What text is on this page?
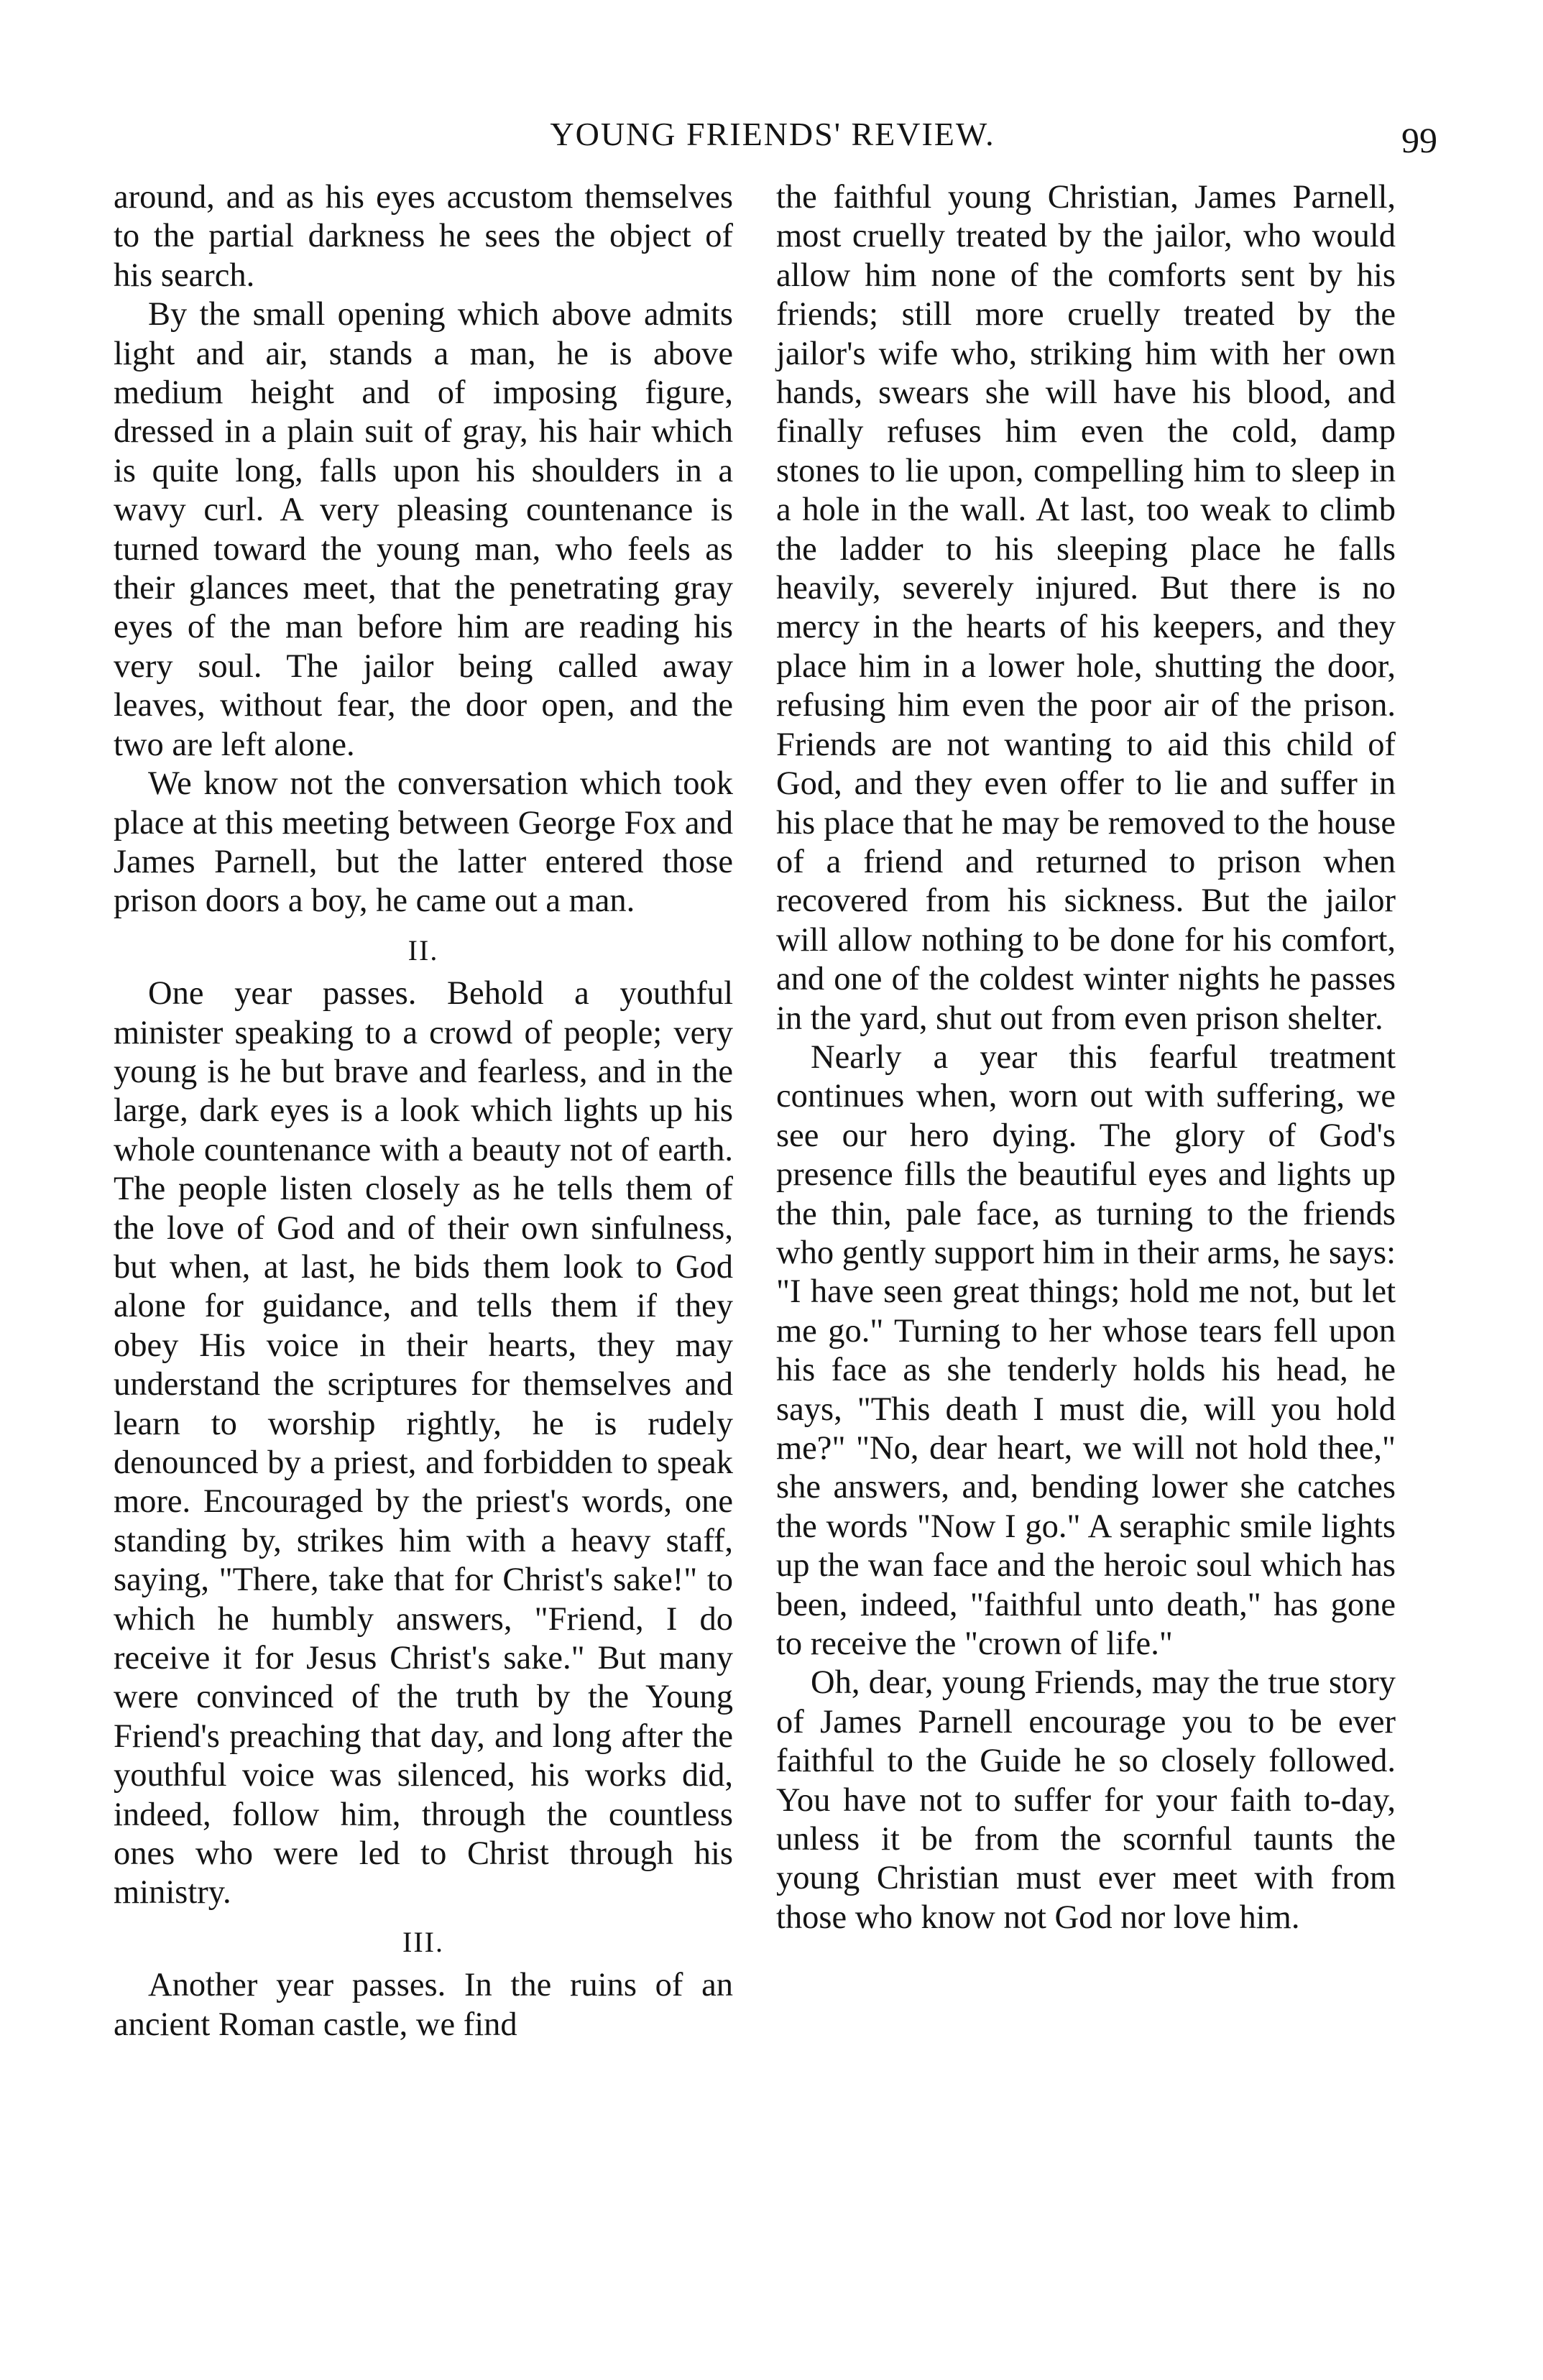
YOUNG FRIENDS' REVIEW.	99

around, and as his eyes accustom themselves to the partial darkness he sees the object of his search.

By the small opening which above admits light and air, stands a man, he is above medium height and of imposing figure, dressed in a plain suit of gray, his hair which is quite long, falls upon his shoulders in a wavy curl. A very pleasing countenance is turned toward the young man, who feels as their glances meet, that the penetrating gray eyes of the man before him are reading his very soul. The jailor being called away leaves, without fear, the door open, and the two are left alone.

We know not the conversation which took place at this meeting between George Fox and James Parnell, but the latter entered those prison doors a boy, he came out a man.

II.

One year passes. Behold a youthful minister speaking to a crowd of people; very young is he but brave and fearless, and in the large, dark eyes is a look which lights up his whole countenance with a beauty not of earth. The people listen closely as he tells them of the love of God and of their own sinfulness, but when, at last, he bids them look to God alone for guidance, and tells them if they obey His voice in their hearts, they may understand the scriptures for themselves and learn to worship rightly, he is rudely denounced by a priest, and forbidden to speak more. Encouraged by the priest's words, one standing by, strikes him with a heavy staff, saying, "There, take that for Christ's sake!" to which he humbly answers, "Friend, I do receive it for Jesus Christ's sake." But many were convinced of the truth by the Young Friend's preaching that day, and long after the youthful voice was silenced, his works did, indeed, follow him, through the countless ones who were led to Christ through his ministry.

III.

Another year passes. In the ruins of an ancient Roman castle, we find

the faithful young Christian, James Parnell, most cruelly treated by the jailor, who would allow him none of the comforts sent by his friends; still more cruelly treated by the jailor's wife who, striking him with her own hands, swears she will have his blood, and finally refuses him even the cold, damp stones to lie upon, compelling him to sleep in a hole in the wall. At last, too weak to climb the ladder to his sleeping place he falls heavily, severely injured. But there is no mercy in the hearts of his keepers, and they place him in a lower hole, shutting the door, refusing him even the poor air of the prison. Friends are not wanting to aid this child of God, and they even offer to lie and suffer in his place that he may be removed to the house of a friend and returned to prison when recovered from his sickness. But the jailor will allow nothing to be done for his comfort, and one of the coldest winter nights he passes in the yard, shut out from even prison shelter.

Nearly a year this fearful treatment continues when, worn out with suffering, we see our hero dying. The glory of God's presence fills the beautiful eyes and lights up the thin, pale face, as turning to the friends who gently support him in their arms, he says: "I have seen great things; hold me not, but let me go." Turning to her whose tears fell upon his face as she tenderly holds his head, he says, "This death I must die, will you hold me?" "No, dear heart, we will not hold thee," she answers, and, bending lower she catches the words "Now I go." A seraphic smile lights up the wan face and the heroic soul which has been, indeed, "faithful unto death," has gone to receive the "crown of life."

Oh, dear, young Friends, may the true story of James Parnell encourage you to be ever faithful to the Guide he so closely followed. You have not to suffer for your faith to-day, unless it be from the scornful taunts the young Christian must ever meet with from those who know not God nor love him.
